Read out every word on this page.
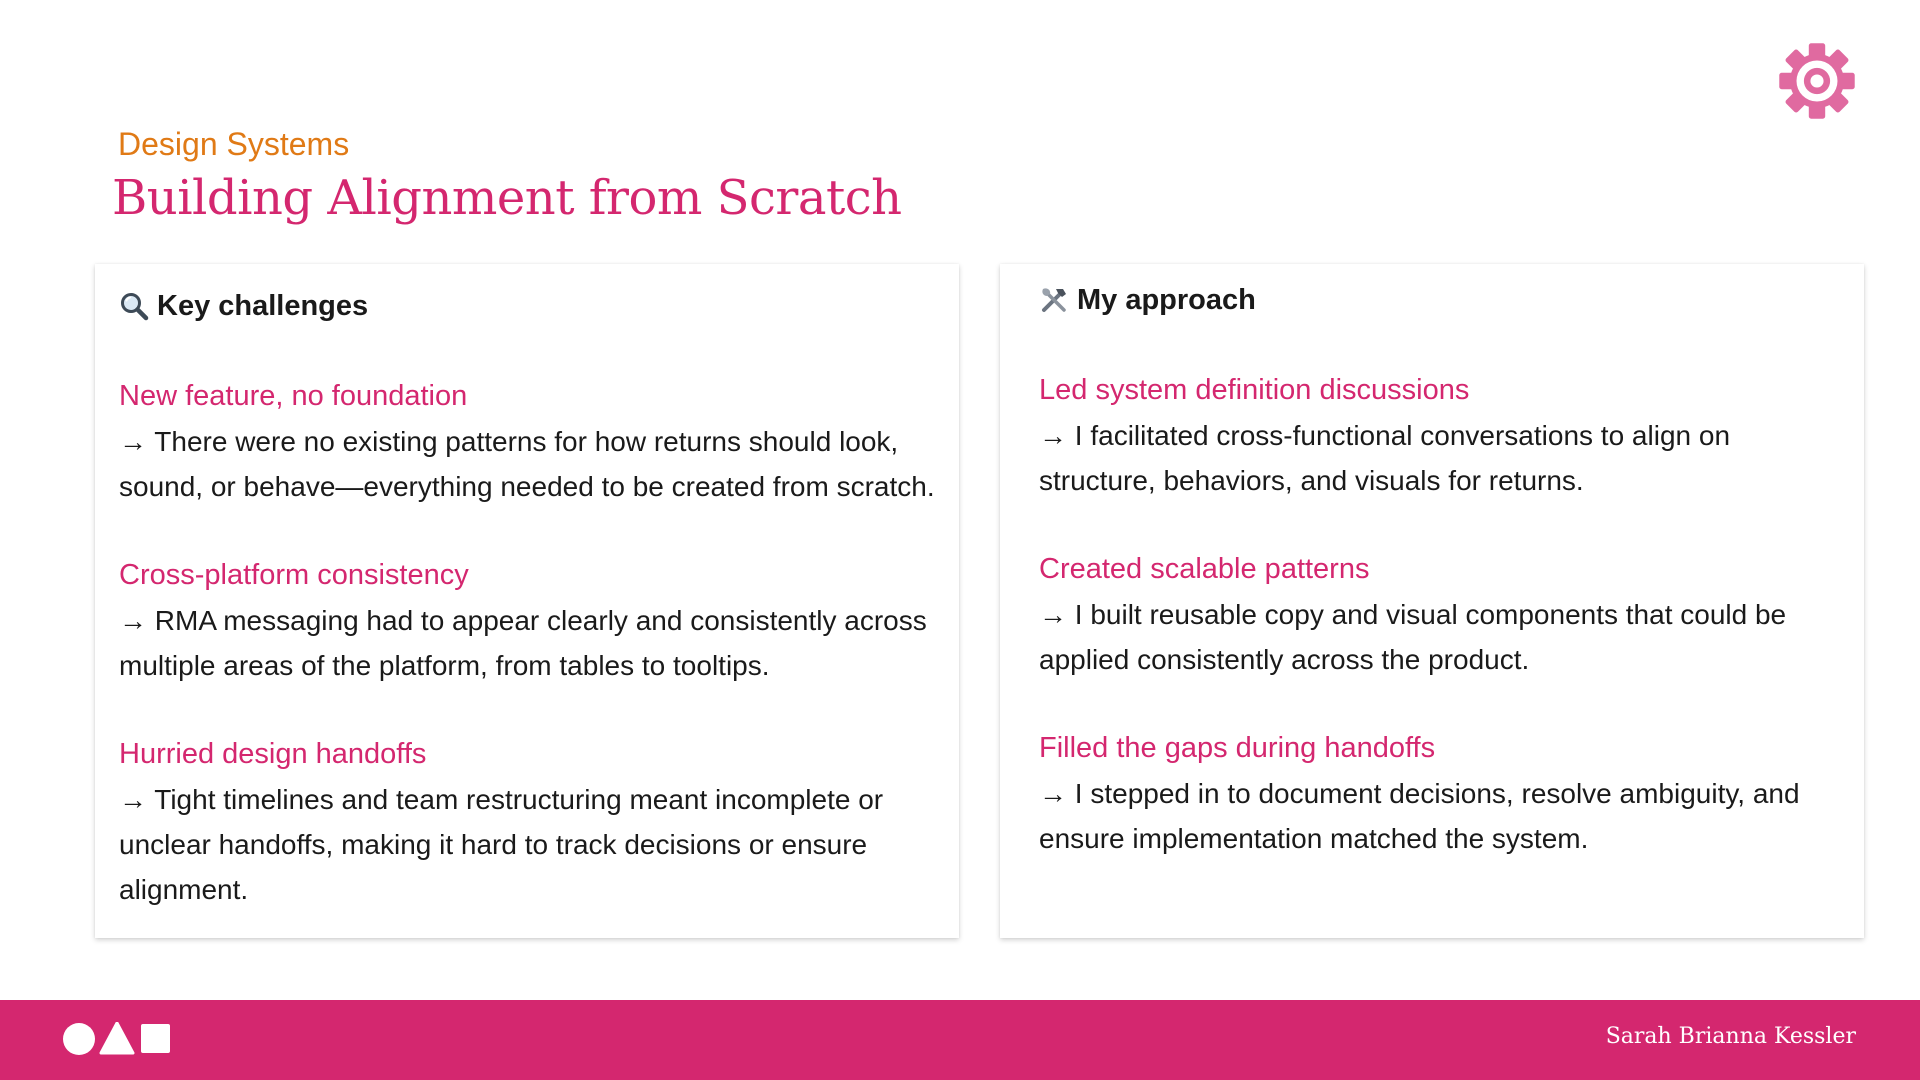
Design Systems
Building Alignment from Scratch
Key challenges
New feature, no foundation
→ There were no existing patterns for how returns should look, sound, or behave—everything needed to be created from scratch.
Cross-platform consistency
→ RMA messaging had to appear clearly and consistently across multiple areas of the platform, from tables to tooltips.
Hurried design handoffs
→ Tight timelines and team restructuring meant incomplete or unclear handoffs, making it hard to track decisions or ensure alignment.
My approach
Led system definition discussions
→ I facilitated cross-functional conversations to align on structure, behaviors, and visuals for returns.
Created scalable patterns
→ I built reusable copy and visual components that could be applied consistently across the product.
Filled the gaps during handoffs
→ I stepped in to document decisions, resolve ambiguity, and ensure implementation matched the system.
Sarah Brianna Kessler
